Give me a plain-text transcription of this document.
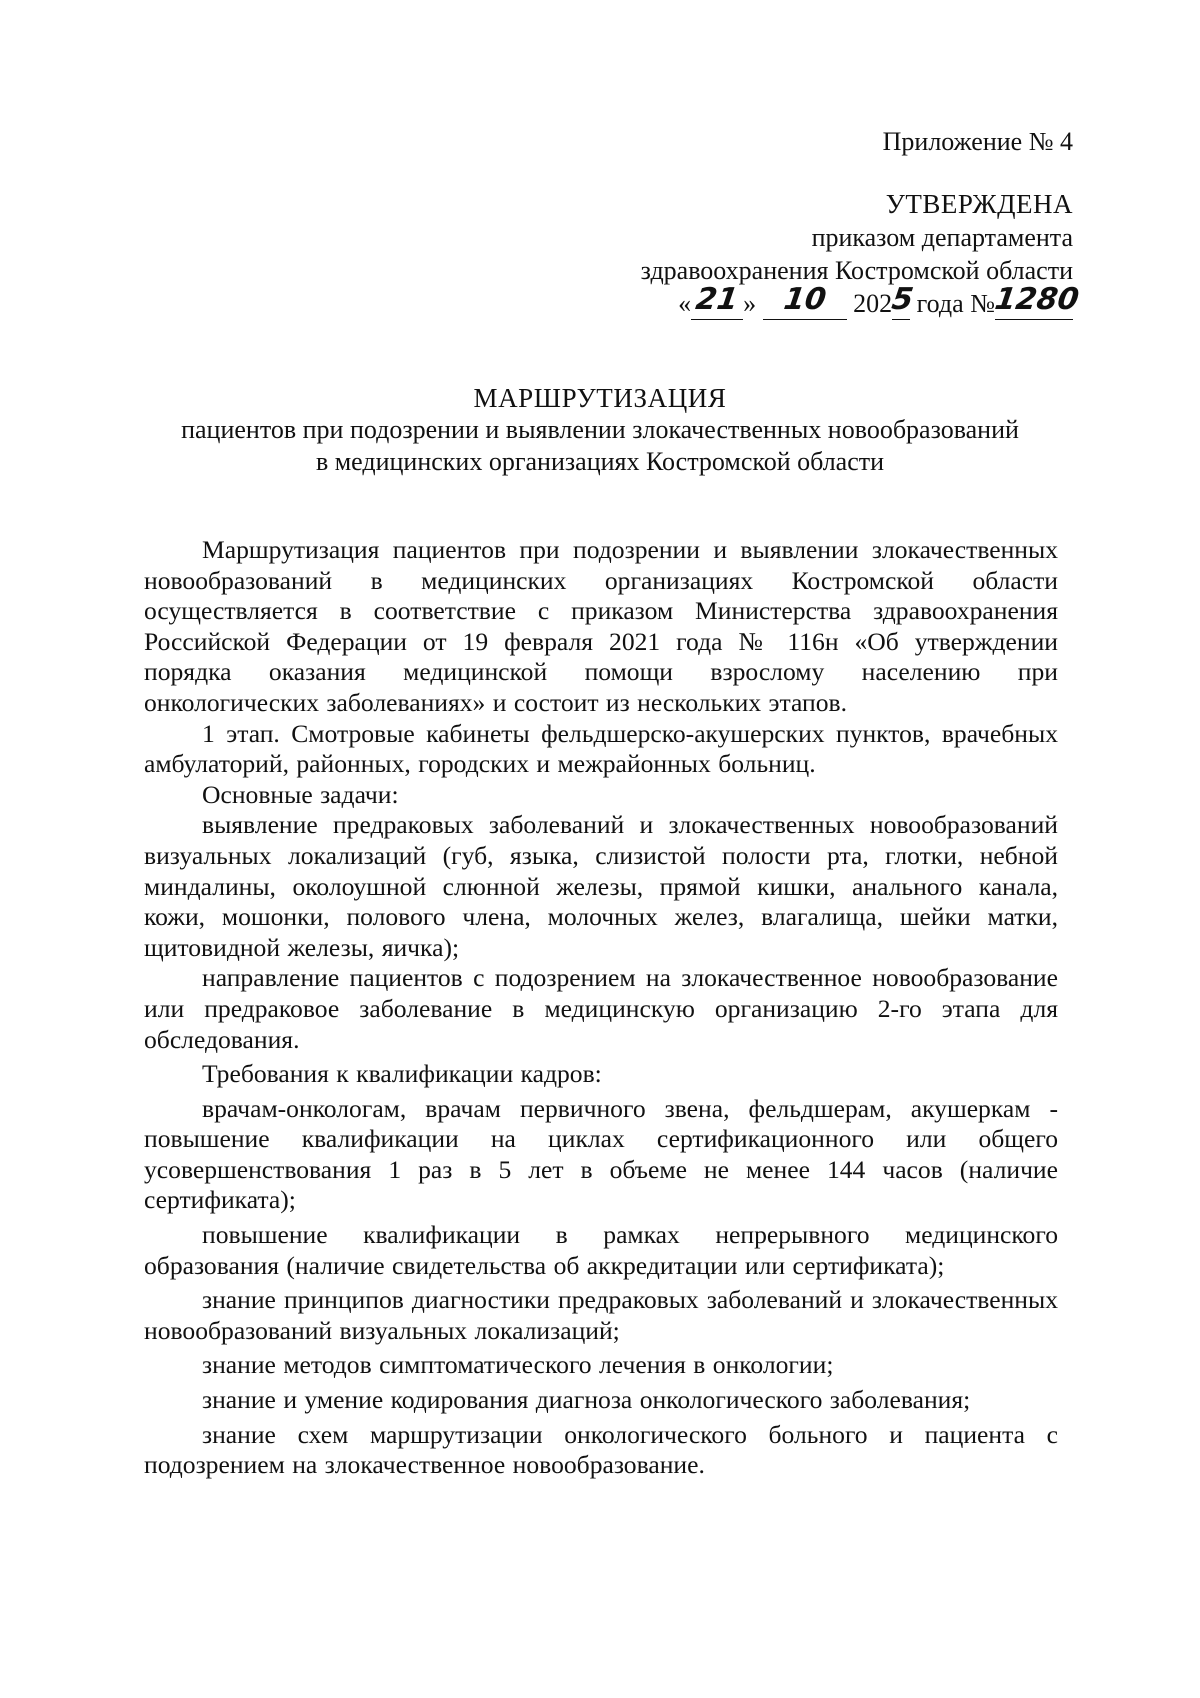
Приложение № 4
УТВЕРЖДЕНА
приказом департамента
здравоохранения Костромской области
«21» 10 2025 года №1280
МАРШРУТИЗАЦИЯ
пациентов при подозрении и выявлении злокачественных новообразований
в медицинских организациях Костромской области

Маршрутизация пациентов при подозрении и выявлении злокачественных новообразований в медицинских организациях Костромской области осуществляется в соответствие с приказом Министерства здравоохранения Российской Федерации от 19 февраля 2021 года № 116н «Об утверждении порядка оказания медицинской помощи взрослому населению при онкологических заболеваниях» и состоит из нескольких этапов.

1 этап. Смотровые кабинеты фельдшерско-акушерских пунктов, врачебных амбулаторий, районных, городских и межрайонных больниц.

Основные задачи:

выявление предраковых заболеваний и злокачественных новообразований визуальных локализаций (губ, языка, слизистой полости рта, глотки, небной миндалины, околоушной слюнной железы, прямой кишки, анального канала, кожи, мошонки, полового члена, молочных желез, влагалища, шейки матки, щитовидной железы, яичка);

направление пациентов с подозрением на злокачественное новообразование или предраковое заболевание в медицинскую организацию 2-го этапа для обследования.

Требования к квалификации кадров:

врачам-онкологам, врачам первичного звена, фельдшерам, акушеркам - повышение квалификации на циклах сертификационного или общего усовершенствования 1 раз в 5 лет в объеме не менее 144 часов (наличие сертификата);

повышение квалификации в рамках непрерывного медицинского образования (наличие свидетельства об аккредитации или сертификата);

знание принципов диагностики предраковых заболеваний и злокачественных новообразований визуальных локализаций;

знание методов симптоматического лечения в онкологии;

знание и умение кодирования диагноза онкологического заболевания;

знание схем маршрутизации онкологического больного и пациента с подозрением на злокачественное новообразование.
